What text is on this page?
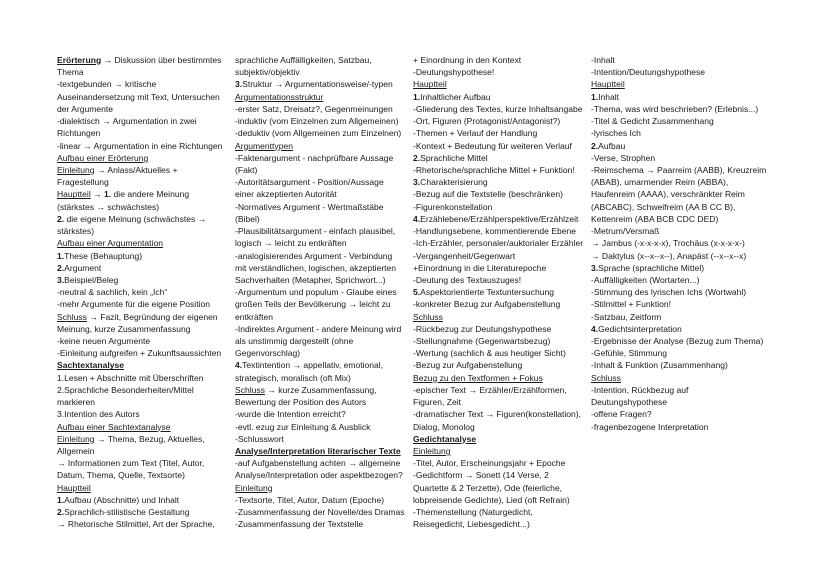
Erörterung → Diskussion über bestimmtes
Thema
-textgebunden → kritische
Auseinandersetzung mit Text, Untersuchen
der Argumente
-dialektisch → Argumentation in zwei
Richtungen
-linear → Argumentation in eine Richtungen
Aufbau einer Erörterung
Einleitung → Anlass/Aktuelles +
Fragestellung
Hauptteil → 1. die andere Meinung
(stärkstes → schwächstes)
2. die eigene Meinung (schwächstes →
stärkstes)
Aufbau einer Argumentation
1.These (Behauptung)
2.Argument
3.Beispiel/Beleg
-neutral & sachlich, kein „Ich“
-mehr Argumente für die eigene Position
Schluss → Fazit, Begründung der eigenen
Meinung, kurze Zusammenfassung
-keine neuen Argumente
-Einleitung aufgreifen + Zukunftsaussichten
Sachtextanalyse
1.Lesen + Abschnitte mit Überschriften
2.Sprachliche Besonderheiten/Mittel
markieren
3.Intention des Autors
Aufbau einer Sachtextanalyse
Einleitung → Thema, Bezug, Aktuelles,
Allgemein
→ Informationen zum Text (Titel, Autor,
Datum, Thema, Quelle, Textsorte)
Hauptteil
1.Aufbau (Abschnitte) und Inhalt
2.Sprachlich-stilistische Gestaltung
→ Rhetorische Stilmittel, Art der Sprache,
sprachliche Auffälligkeiten, Satzbau,
subjektiv/objektiv
3.Struktur → Argumentationsweise/-typen
Argumentationsstruktur
-erster Satz, Dreisatz?, Gegenmeinungen
-induktiv (vom Einzelnen zum Allgemeinen)
-deduktiv (vom Allgemeinen zum Einzelnen)
Argumenttypen
-Faktenargument - nachprüfbare Aussage
(Fakt)
-Autoritätsargument - Position/Aussage
einer akzeptierten Autorität
-Normatives Argument - Wertmaßstäbe
(Bibel)
-Plausibilitätsargument - einfach plausibel,
logisch → leicht zu entkräften
-analogisierendes Argument - Verbindung
mit verständlichen, logischen, akzeptierten
Sachverhalten (Metapher, Sprichwort...)
-Argumentum und populum - Glaube eines
großen Teils der Bevölkerung → leicht zu
entkräften
-Indirektes Argument - andere Meinung wird
als unstimmig dargestellt (ohne
Gegenvorschlag)
4.Textintention → appellativ, emotional,
strategisch, moralisch (oft Mix)
Schluss → kurze Zusammenfassung,
Bewertung der Position des Autors
-wurde die Intention erreicht?
-evtl. ezug zur Einleitung & Ausblick
-Schlusswort
Analyse/Interpretation literarischer Texte
-auf Aufgabenstellung achten → allgemeine
Analyse/Interpretation oder aspektbezogen?
Einleitung
-Textsorte, Titel, Autor, Datum (Epoche)
-Zusammenfassung der Novelle/des Dramas
-Zusammenfassung der Textstelle
+ Einordnung in den Kontext
-Deutungshypothese!
Hauptteil
1.Inhaltlicher Aufbau
-Gliederung des Textes, kurze Inhaltsangabe
-Ort, Figuren (Protagonist/Antagonist?)
-Themen + Verlauf der Handlung
-Kontext + Bedeutung für weiteren Verlauf
2.Sprachliche Mittel
-Rhetorische/sprachliche Mittel + Funktion!
3.Charakterisierung
-Bezug auf die Textstelle (beschränken)
-Figurenkonstellation
4.Erzählebene/Erzählperspektive/Erzählzeit
-Handlungsebene, kommentierende Ebene
-Ich-Erzähler, personaler/auktorialer Erzähler
-Vergangenheit/Gegenwart
+Einordnung in die Literaturepoche
-Deutung des Textauszuges!
5.Aspektorientierte Textuntersuchung
-konkreter Bezug zur Aufgabenstellung
Schluss
-Rückbezug zur Deutungshypothese
-Stellungnahme (Gegenwartsbezug)
-Wertung (sachlich & aus heutiger Sicht)
-Bezug zur Aufgabenstellung
Bezug zu den Textformen + Fokus
-epischer Text → Erzähler/Erzählformen,
Figuren, Zeit
-dramatischer Text → Figuren(konstellation),
Dialog, Monolog
Gedichtanalyse
Einleitung
-Titel, Autor, Erscheinungsjahr + Epoche
-Gedichtform → Sonett (14 Verse, 2
Quartette & 2 Terzette), Ode (feierliche,
lobpreisende Gedichte), Lied (oft Refrain)
-Themenstellung (Naturgedicht,
Reisegedicht, Liebesgedicht...)
-Inhalt
-Intention/Deutungshypothese
Hauptteil
1.Inhalt
-Thema, was wird beschrieben? (Erlebnis...)
-Titel & Gedicht Zusammenhang
-lyrisches Ich
2.Aufbau
-Verse, Strophen
-Reimschema → Paarreim (AABB), Kreuzreim
(ABAB), umarmender Reim (ABBA),
Haufenreim (AAAA), verschränkter Reim
(ABCABC), Schweifreim (AA B CC B),
Kettenreim (ABA BCB CDC DED)
-Metrum/Versmaß
→ Jambus (-x-x-x-x), Trochäus (x-x-x-x-)
→ Daktylus (x--x--x--), Anapäst (--x--x--x)
3.Sprache (sprachliche Mittel)
-Auffälligkeiten (Wortarten...)
-Stimmung des lyrischen Ichs (Wortwahl)
-Stilmittel + Funktion!
-Satzbau, Zeitform
4.Gedichtsinterpretation
-Ergebnisse der Analyse (Bezug zum Thema)
-Gefühle, Stimmung
-Inhalt & Funktion (Zusammenhang)
Schluss
-Intention, Rückbezug auf
Deutungshypothese
-offene Fragen?
-fragenbezogene Interpretation
